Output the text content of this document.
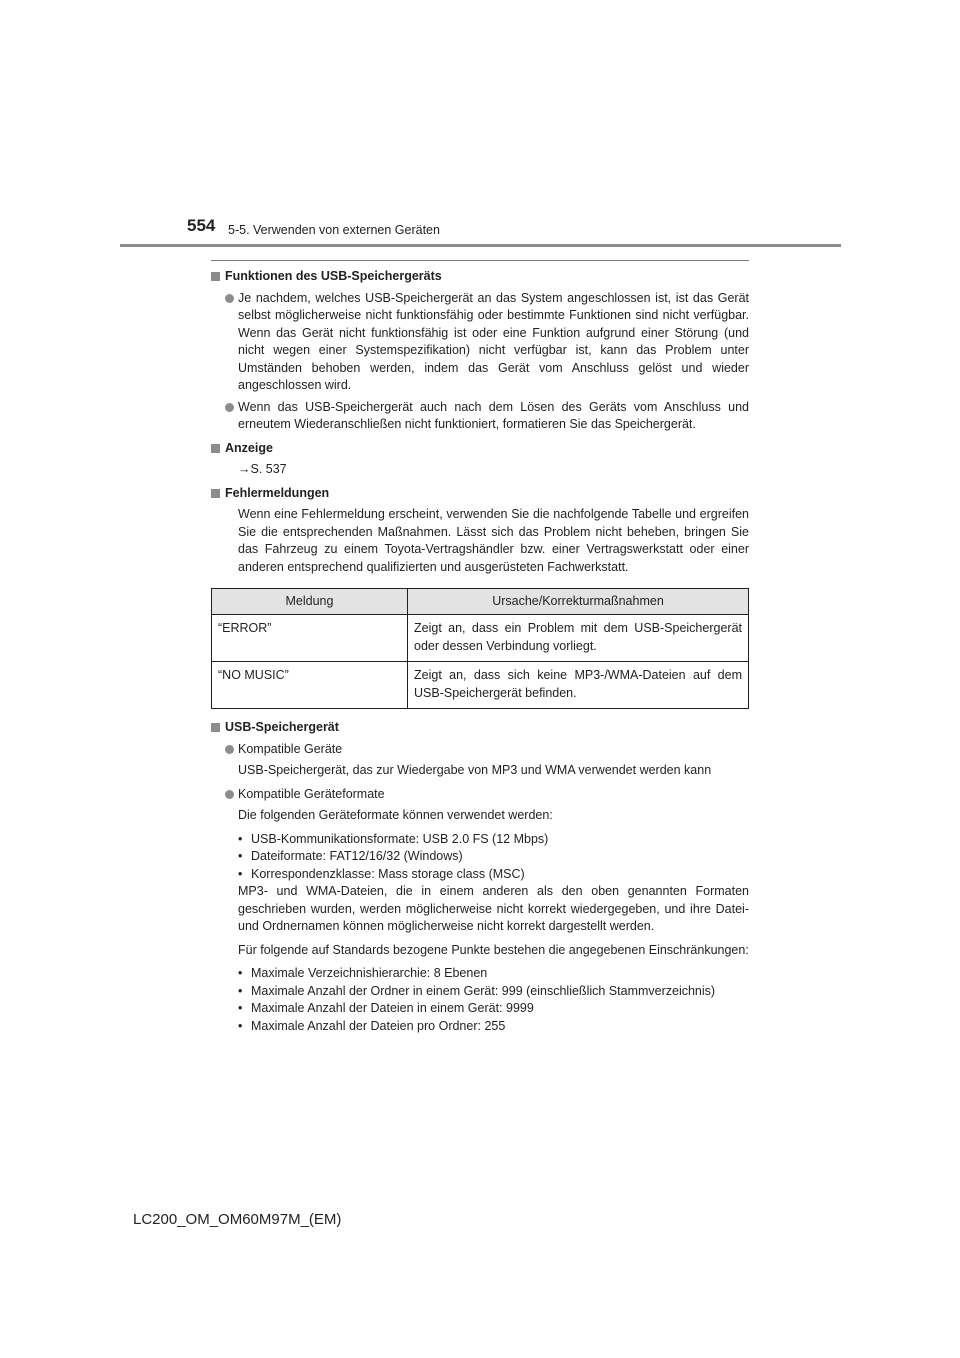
554 5-5. Verwenden von externen Geräten
Funktionen des USB-Speichergeräts
Je nachdem, welches USB-Speichergerät an das System angeschlossen ist, ist das Gerät selbst möglicherweise nicht funktionsfähig oder bestimmte Funktionen sind nicht verfügbar. Wenn das Gerät nicht funktionsfähig ist oder eine Funktion aufgrund einer Störung (und nicht wegen einer Systemspezifikation) nicht verfügbar ist, kann das Problem unter Umständen behoben werden, indem das Gerät vom Anschluss gelöst und wieder angeschlossen wird.
Wenn das USB-Speichergerät auch nach dem Lösen des Geräts vom Anschluss und erneutem Wiederanschließen nicht funktioniert, formatieren Sie das Speichergerät.
Anzeige
→S. 537
Fehlermeldungen
Wenn eine Fehlermeldung erscheint, verwenden Sie die nachfolgende Tabelle und ergreifen Sie die entsprechenden Maßnahmen. Lässt sich das Problem nicht beheben, bringen Sie das Fahrzeug zu einem Toyota-Vertragshändler bzw. einer Vertragswerkstatt oder einer anderen entsprechend qualifizierten und ausgerüsteten Fachwerkstatt.
Meldung	Ursache/Korrekturmaßnahmen
“ERROR”	Zeigt an, dass ein Problem mit dem USB-Speichergerät oder dessen Verbindung vorliegt.
“NO MUSIC”	Zeigt an, dass sich keine MP3-/WMA-Dateien auf dem USB-Speichergerät befinden.
USB-Speichergerät
Kompatible Geräte
USB-Speichergerät, das zur Wiedergabe von MP3 und WMA verwendet werden kann
Kompatible Geräteformate
Die folgenden Geräteformate können verwendet werden:
• USB-Kommunikationsformate: USB 2.0 FS (12 Mbps)
• Dateiformate: FAT12/16/32 (Windows)
• Korrespondenzklasse: Mass storage class (MSC)
MP3- und WMA-Dateien, die in einem anderen als den oben genannten Formaten geschrieben wurden, werden möglicherweise nicht korrekt wiedergegeben, und ihre Datei- und Ordnernamen können möglicherweise nicht korrekt dargestellt werden.
Für folgende auf Standards bezogene Punkte bestehen die angegebenen Einschränkungen:
• Maximale Verzeichnishierarchie: 8 Ebenen
• Maximale Anzahl der Ordner in einem Gerät: 999 (einschließlich Stammverzeichnis)
• Maximale Anzahl der Dateien in einem Gerät: 9999
• Maximale Anzahl der Dateien pro Ordner: 255
LC200_OM_OM60M97M_(EM)
